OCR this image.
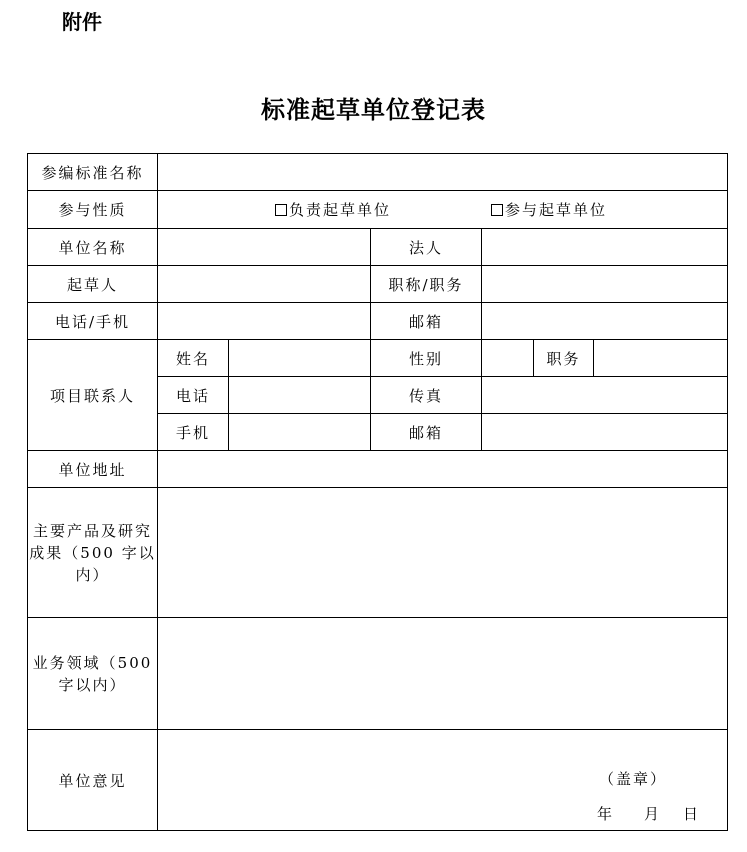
附件
标准起草单位登记表
参编标准名称						
参与性质	负责起草单位 参与起草单位					

单位名称			法人			
起草人			职称/职务			
电话/手机			邮箱			
项目联系人	姓名		性别		职务	
	电话		传真			
	手机		邮箱			
单位地址						
主要产品及研究成果（500 字以内）						
业务领域（500 字以内）						
单位意见	（盖章）
年 月 日					
